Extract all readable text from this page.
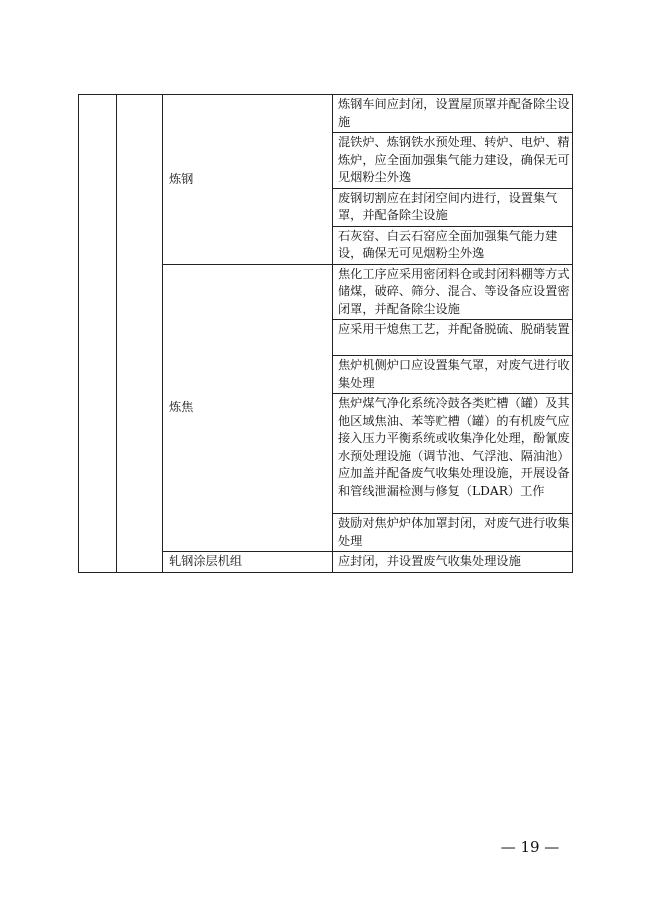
		炼钢	炼钢车间应封闭，设置屋顶罩并配备除尘设施
			混铁炉、炼钢铁水预处理、转炉、电炉、精炼炉，应全面加强集气能力建设，确保无可见烟粉尘外逸
			废钢切割应在封闭空间内进行，设置集气罩，并配备除尘设施
			石灰窑、白云石窑应全面加强集气能力建设，确保无可见烟粉尘外逸
		炼焦	焦化工序应采用密闭料仓或封闭料棚等方式储煤，破碎、筛分、混合、等设备应设置密闭罩，并配备除尘设施
			应采用干熄焦工艺，并配备脱硫、脱硝装置
			焦炉机侧炉口应设置集气罩，对废气进行收集处理
			焦炉煤气净化系统冷鼓各类贮槽（罐）及其他区域焦油、苯等贮槽（罐）的有机废气应接入压力平衡系统或收集净化处理，酚氰废水预处理设施（调节池、气浮池、隔油池）应加盖并配备废气收集处理设施，开展设备和管线泄漏检测与修复（LDAR）工作
			鼓励对焦炉炉体加罩封闭，对废气进行收集处理
		轧钢涂层机组	应封闭，并设置废气收集处理设施
— 19 —
